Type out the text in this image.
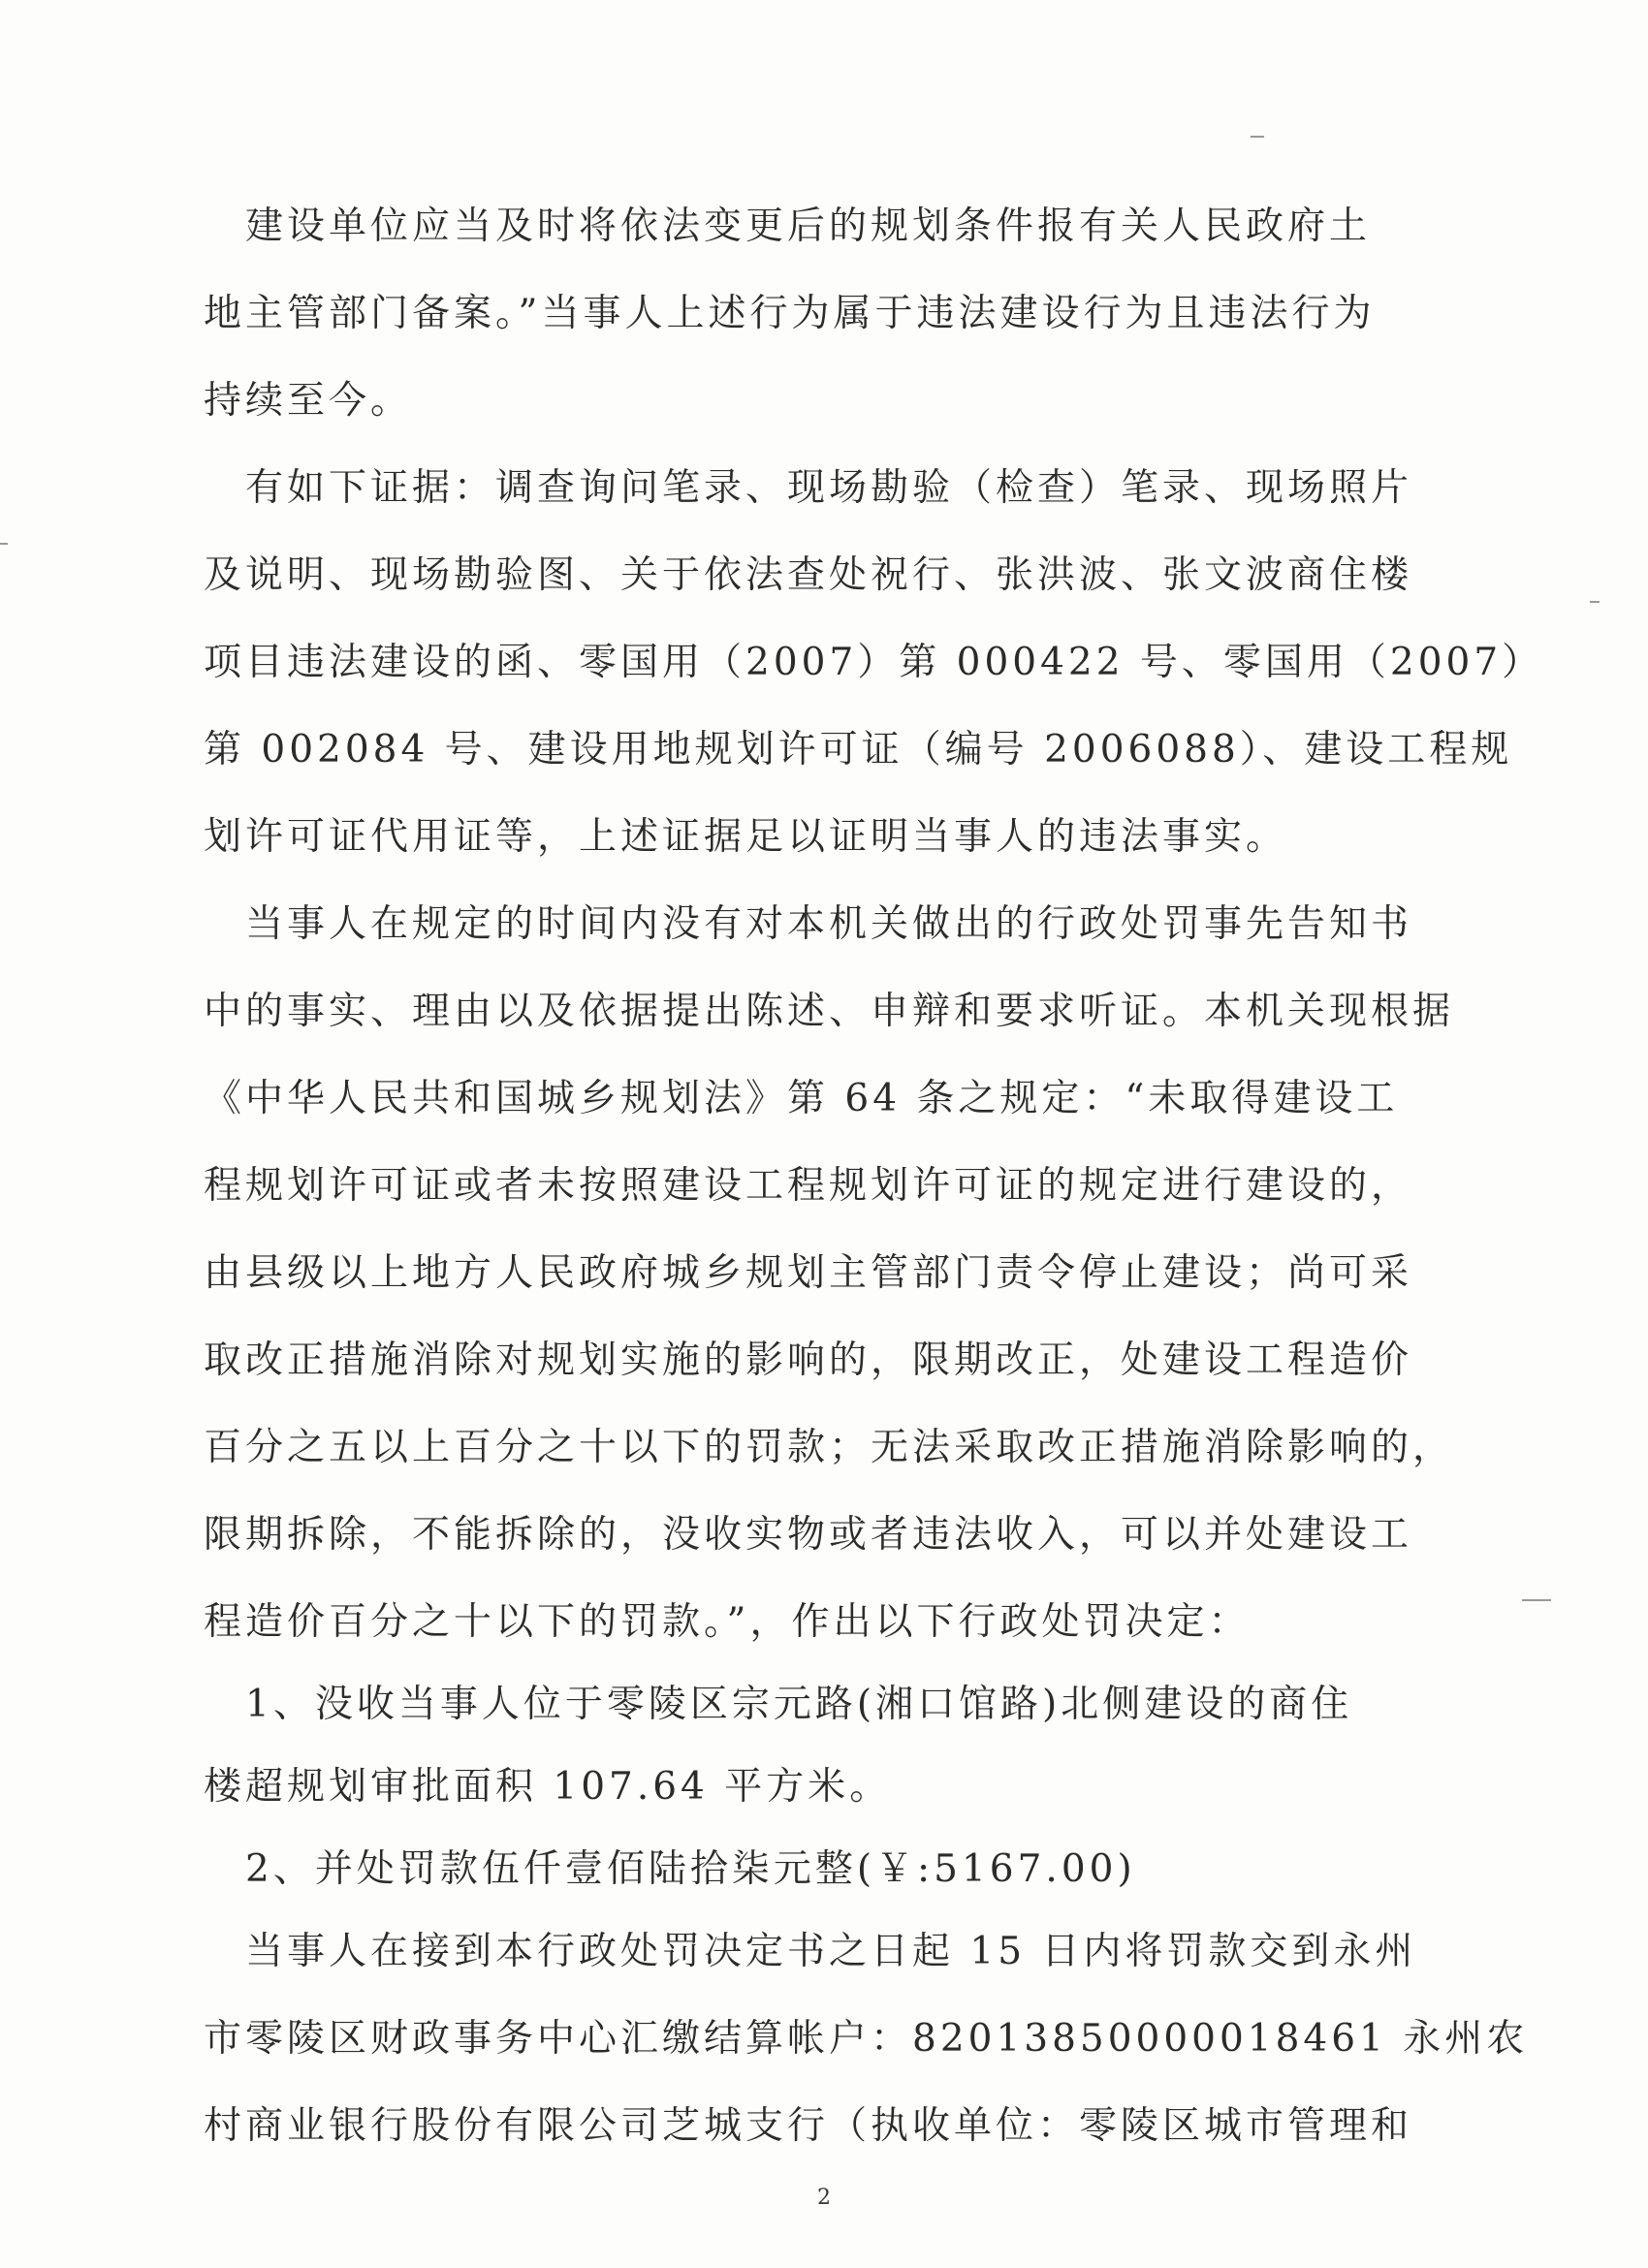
　建设单位应当及时将依法变更后的规划条件报有关人民政府土
地主管部门备案。”当事人上述行为属于违法建设行为且违法行为
持续至今。
　有如下证据：调查询问笔录、现场勘验（检查）笔录、现场照片
及说明、现场勘验图、关于依法查处祝行、张洪波、张文波商住楼
项目违法建设的函、零国用（2007）第 000422 号、零国用（2007）
第 002084 号、建设用地规划许可证（编号 2006088）、建设工程规
划许可证代用证等，上述证据足以证明当事人的违法事实。
　当事人在规定的时间内没有对本机关做出的行政处罚事先告知书
中的事实、理由以及依据提出陈述、申辩和要求听证。本机关现根据
《中华人民共和国城乡规划法》第 64 条之规定：“未取得建设工
程规划许可证或者未按照建设工程规划许可证的规定进行建设的，
由县级以上地方人民政府城乡规划主管部门责令停止建设；尚可采
取改正措施消除对规划实施的影响的，限期改正，处建设工程造价
百分之五以上百分之十以下的罚款；无法采取改正措施消除影响的，
限期拆除，不能拆除的，没收实物或者违法收入，可以并处建设工
程造价百分之十以下的罚款。”，作出以下行政处罚决定：
　1、没收当事人位于零陵区宗元路(湘口馆路)北侧建设的商住
楼超规划审批面积 107.64 平方米。
　2、并处罚款伍仟壹佰陆拾柒元整(￥:5167.00)
　当事人在接到本行政处罚决定书之日起 15 日内将罚款交到永州
市零陵区财政事务中心汇缴结算帐户：82013850000018461 永州农
村商业银行股份有限公司芝城支行（执收单位：零陵区城市管理和
2
